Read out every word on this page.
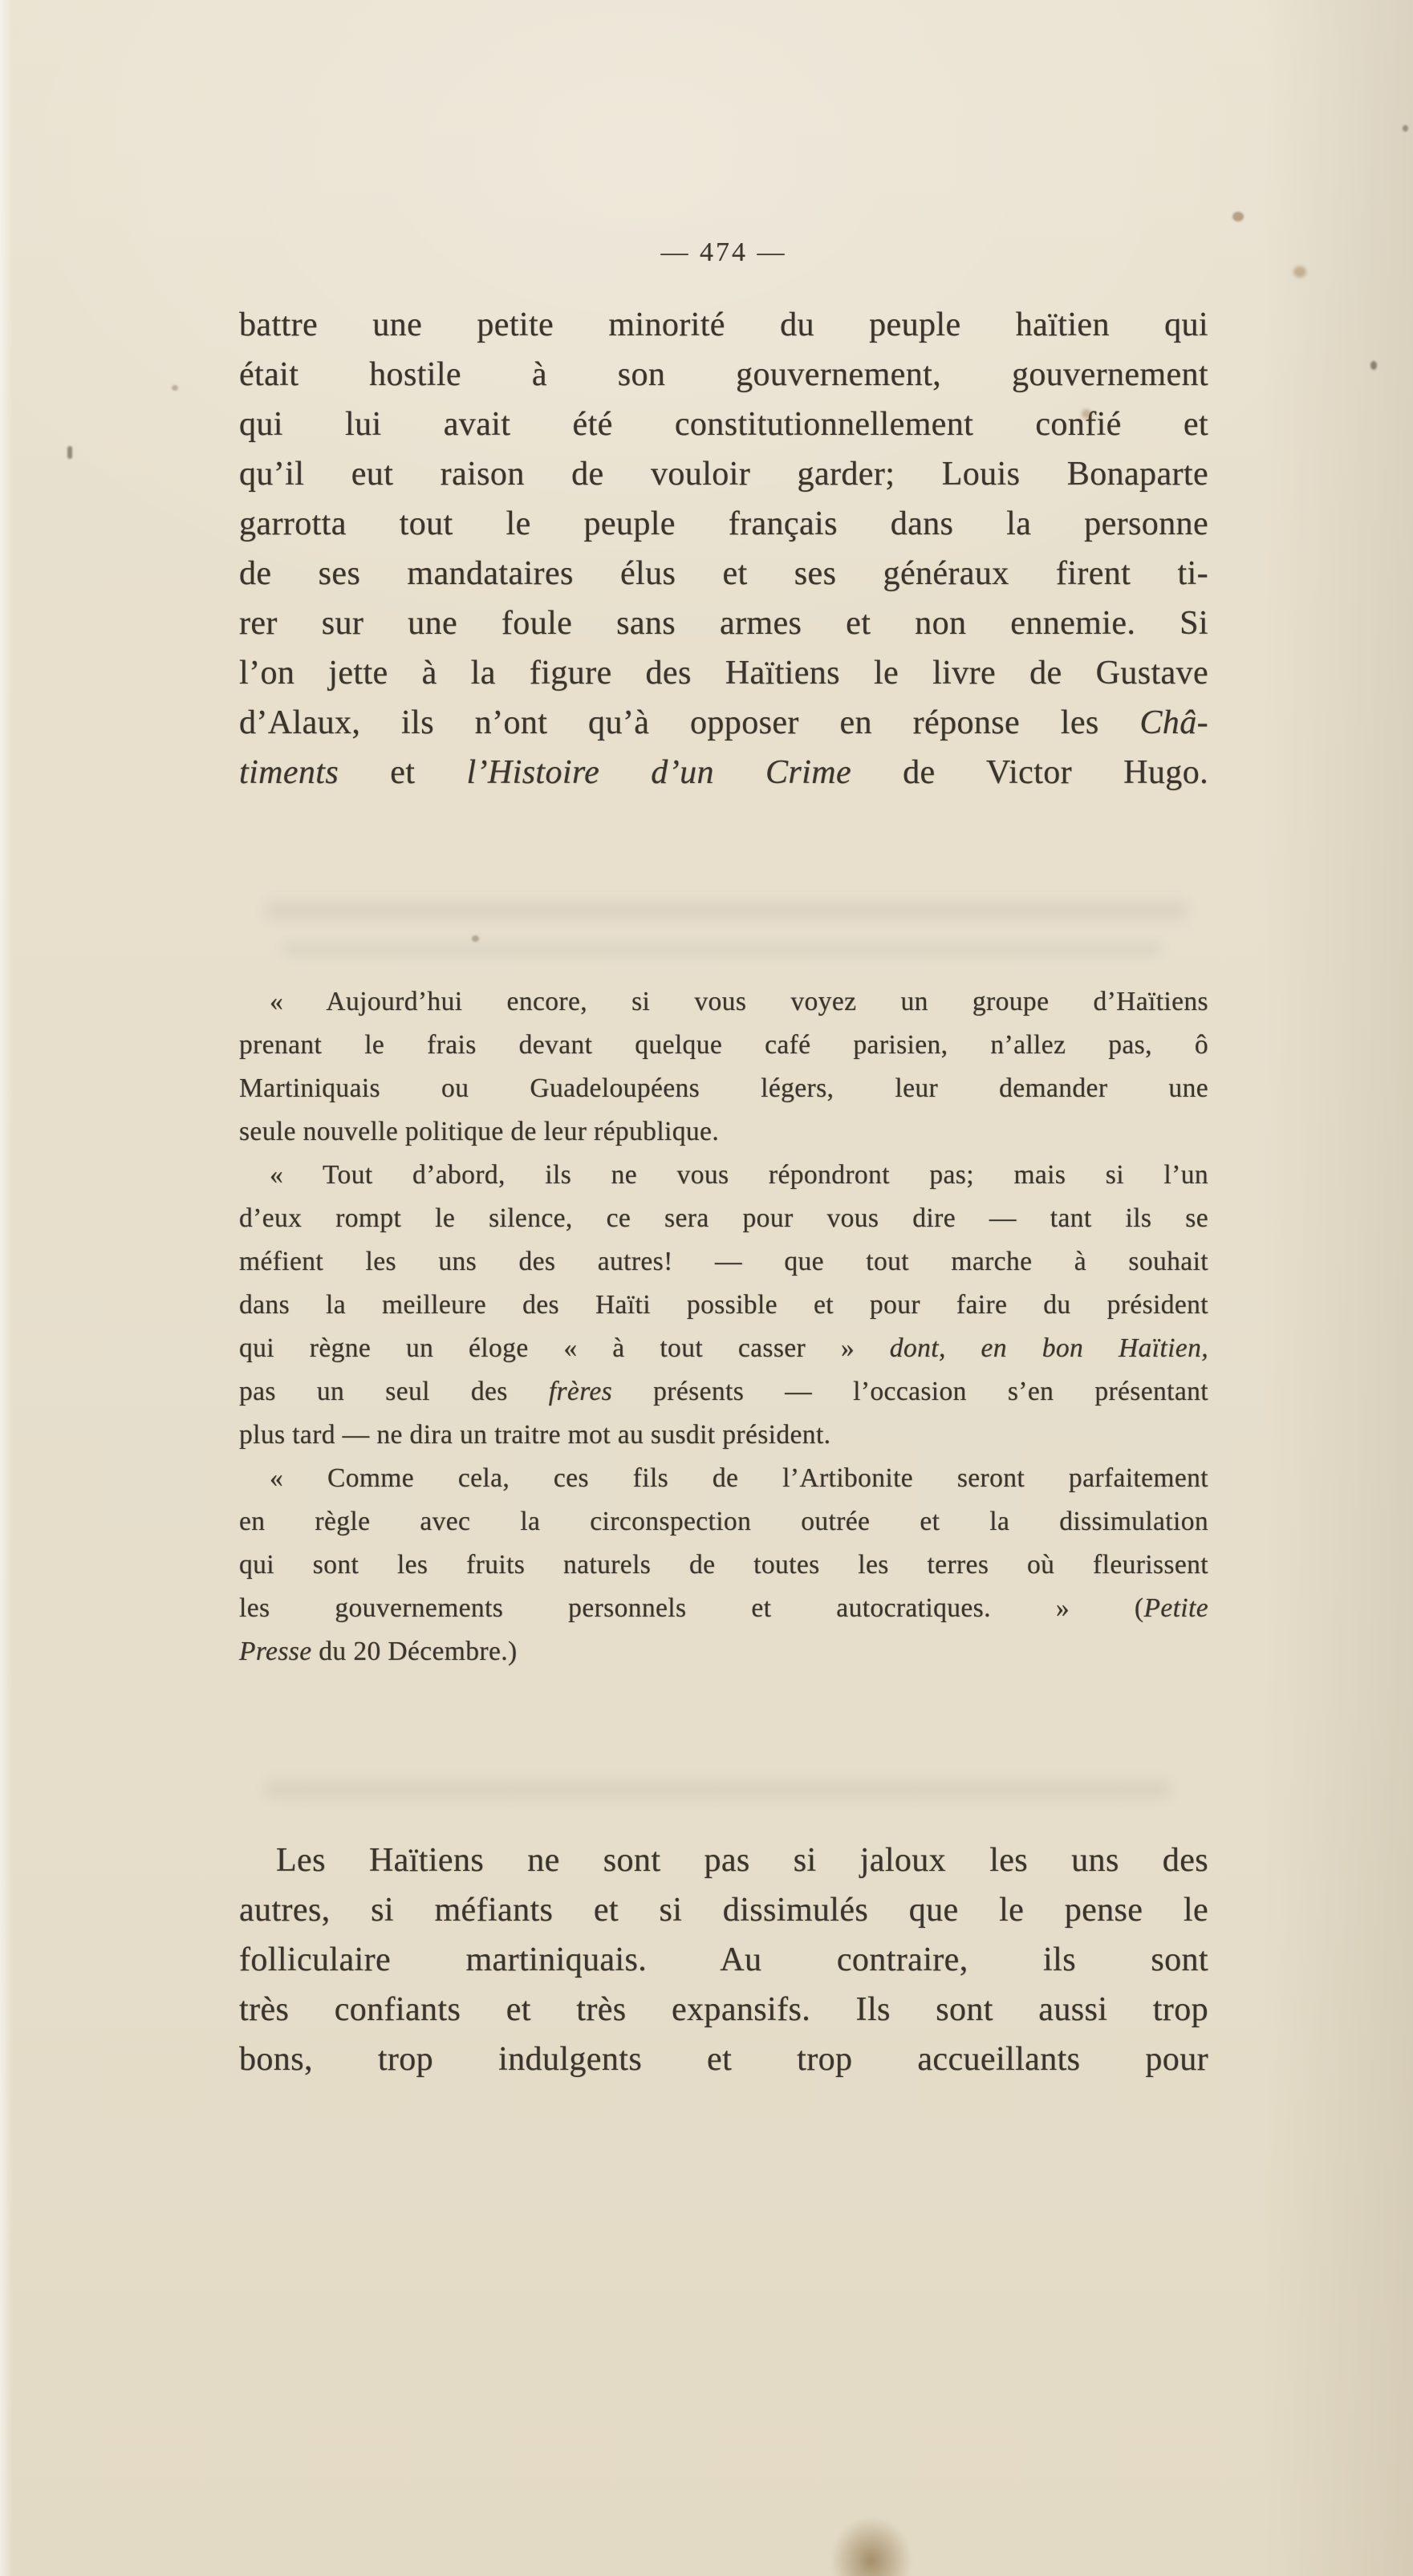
— 474 —
battre une petite minorité du peuple haïtien qui
était hostile à son gouvernement, gouvernement
qui lui avait été constitutionnellement confié et
qu’il eut raison de vouloir garder; Louis Bonaparte
garrotta tout le peuple français dans la personne
de ses mandataires élus et ses généraux firent ti-
rer sur une foule sans armes et non ennemie. Si
l’on jette à la figure des Haïtiens le livre de Gustave
d’Alaux, ils n’ont qu’à opposer en réponse les Châ-
timents et l’Histoire d’un Crime de Victor Hugo.
« Aujourd’hui encore, si vous voyez un groupe d’Haïtiens
prenant le frais devant quelque café parisien, n’allez pas, ô
Martiniquais ou Guadeloupéens légers, leur demander une
seule nouvelle politique de leur république.
« Tout d’abord, ils ne vous répondront pas; mais si l’un
d’eux rompt le silence, ce sera pour vous dire — tant ils se
méfient les uns des autres! — que tout marche à souhait
dans la meilleure des Haïti possible et pour faire du président
qui règne un éloge « à tout casser » dont, en bon Haïtien,
pas un seul des frères présents — l’occasion s’en présentant
plus tard — ne dira un traitre mot au susdit président.
« Comme cela, ces fils de l’Artibonite seront parfaitement
en règle avec la circonspection outrée et la dissimulation
qui sont les fruits naturels de toutes les terres où fleurissent
les gouvernements personnels et autocratiques. » (Petite
Presse du 20 Décembre.)
Les Haïtiens ne sont pas si jaloux les uns des
autres, si méfiants et si dissimulés que le pense le
folliculaire martiniquais. Au contraire, ils sont
très confiants et très expansifs. Ils sont aussi trop
bons, trop indulgents et trop accueillants pour
